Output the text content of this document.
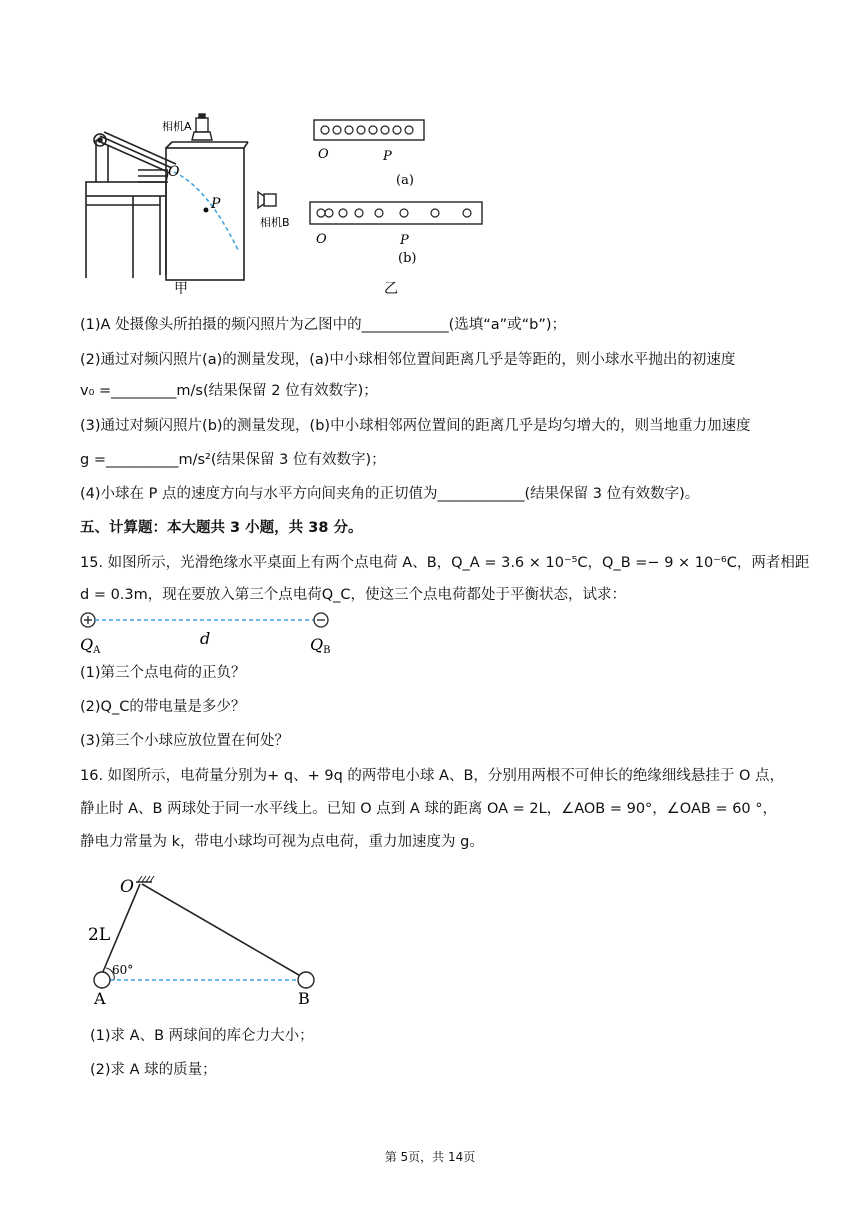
相机A
O
P
相机B
甲
O	P
(a)
O	P
(b)
乙
(1)A 处摄像头所拍摄的频闪照片为乙图中的____________(选填“a”或“b”)；
(2)通过对频闪照片(a)的测量发现，(a)中小球相邻位置间距离几乎是等距的，则小球水平抛出的初速度
v₀ =_________m/s(结果保留 2 位有效数字)；
(3)通过对频闪照片(b)的测量发现，(b)中小球相邻两位置间的距离几乎是均匀增大的，则当地重力加速度
g =__________m/s²(结果保留 3 位有效数字)；
(4)小球在 P 点的速度方向与水平方向间夹角的正切值为____________(结果保留 3 位有效数字)。
五、计算题：本大题共 3 小题，共 38 分。
15. 如图所示，光滑绝缘水平桌面上有两个点电荷 A、B，Q_A = 3.6 × 10⁻⁵C，Q_B =− 9 × 10⁻⁶C，两者相距
d = 0.3m，现在要放入第三个点电荷Q_C，使这三个点电荷都处于平衡状态，试求：
QA
d	QB
(1)第三个点电荷的正负？
(2)Q_C的带电量是多少？
(3)第三个小球应放位置在何处？
16. 如图所示，电荷量分别为+ q、+ 9q 的两带电小球 A、B，分别用两根不可伸长的绝缘细线悬挂于 O 点，
静止时 A、B 两球处于同一水平线上。已知 O 点到 A 球的距离 OA = 2L，∠AOB = 90°，∠OAB = 60 °，
静电力常量为 k，带电小球均可视为点电荷，重力加速度为 g。
O
2L
60°
A	B
(1)求 A、B 两球间的库仑力大小；
(2)求 A 球的质量；
第 5页，共 14页
